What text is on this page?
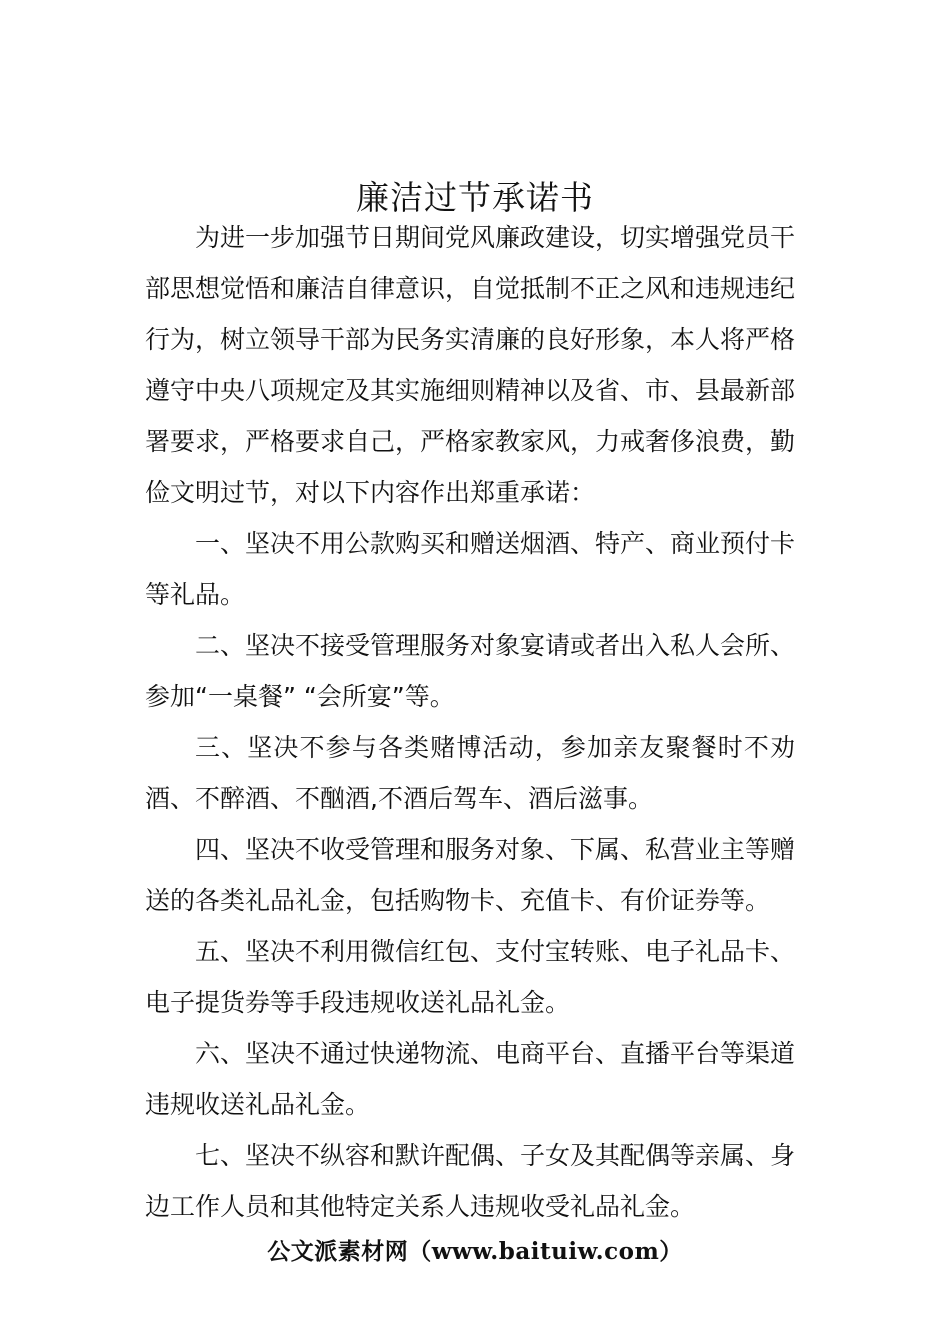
廉洁过节承诺书

为进一步加强节日期间党风廉政建设，切实增强党员干部思想觉悟和廉洁自律意识，自觉抵制不正之风和违规违纪行为，树立领导干部为民务实清廉的良好形象，本人将严格遵守中央八项规定及其实施细则精神以及省、市、县最新部署要求，严格要求自己，严格家教家风，力戒奢侈浪费，勤俭文明过节，对以下内容作出郑重承诺：

一、坚决不用公款购买和赠送烟酒、特产、商业预付卡等礼品。

二、坚决不接受管理服务对象宴请或者出入私人会所、参加“一桌餐” “会所宴”等。

三、坚决不参与各类赌博活动，参加亲友聚餐时不劝酒、不醉酒、不酗酒,不酒后驾车、酒后滋事。

四、坚决不收受管理和服务对象、下属、私营业主等赠送的各类礼品礼金，包括购物卡、充值卡、有价证券等。

五、坚决不利用微信红包、支付宝转账、电子礼品卡、电子提货券等手段违规收送礼品礼金。

六、坚决不通过快递物流、电商平台、直播平台等渠道违规收送礼品礼金。

七、坚决不纵容和默许配偶、子女及其配偶等亲属、身边工作人员和其他特定关系人违规收受礼品礼金。

公文派素材网（www.baituiw.com）
